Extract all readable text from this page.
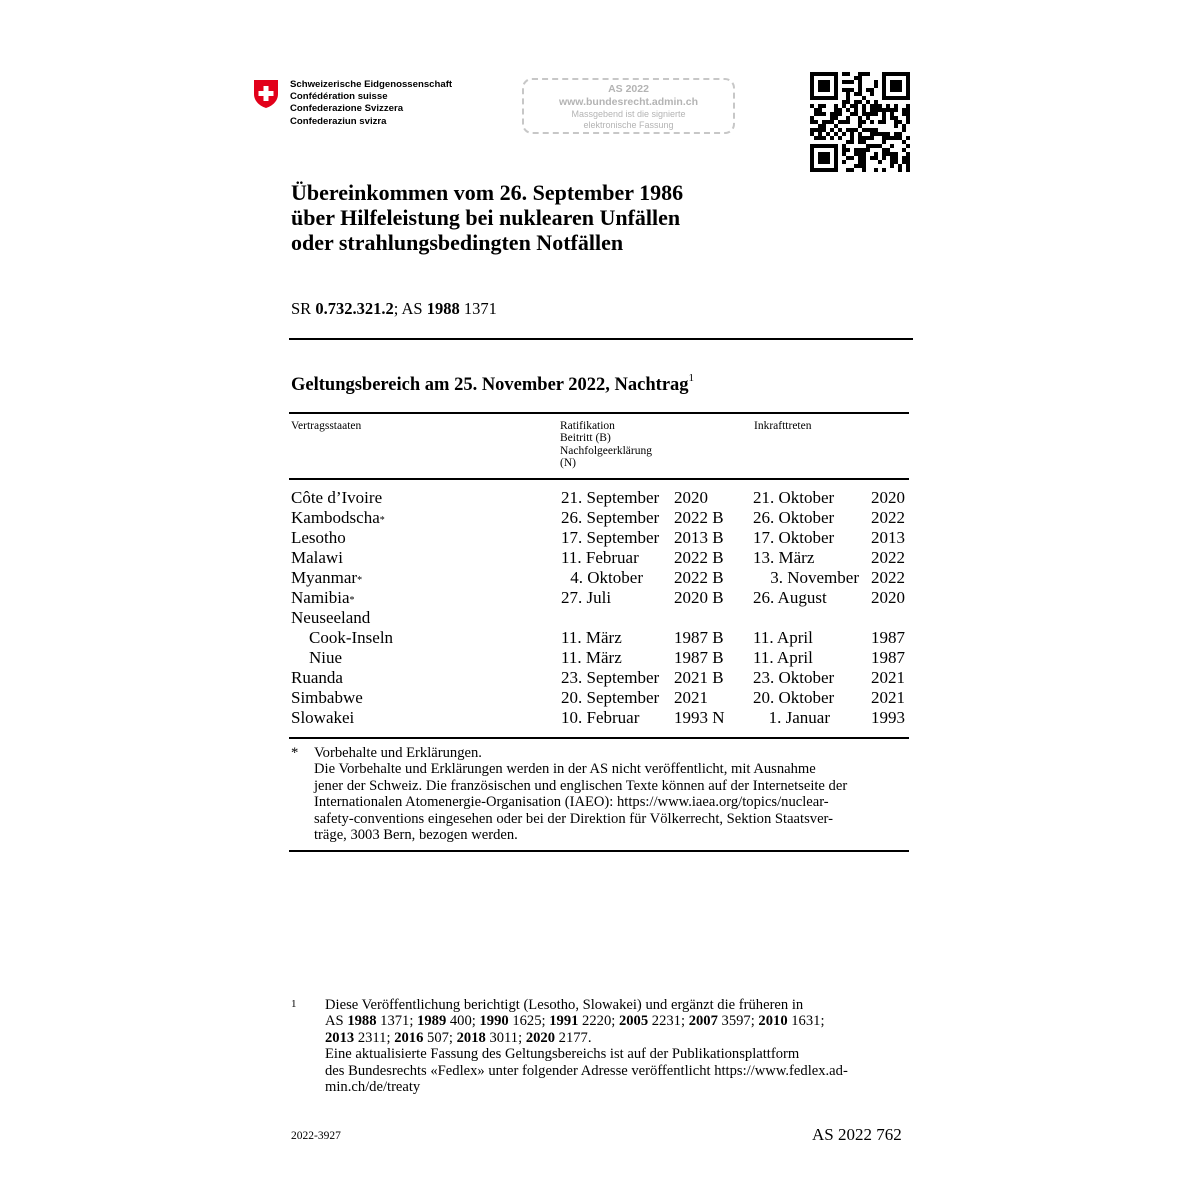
Schweizerische Eidgenossenschaft
Confédération suisse
Confederazione Svizzera
Confederaziun svizra
AS 2022
www.bundesrecht.admin.ch
Massgebend ist die signierte
elektronische Fassung
Übereinkommen vom 26. September 1986
über Hilfeleistung bei nuklearen Unfällen
oder strahlungsbedingten Notfällen
SR 0.732.321.2; AS 1988 1371
Geltungsbereich am 25. November 2022, Nachtrag$^1$
Vertragsstaaten	Ratifikation
Beitritt (B)
Nachfolgeerklärung
(N)
Inkrafttreten
Côte d’Ivoire	21. September 2020	21. Oktober	2020
Kambodscha*	26. September 2022 B 26. Oktober	2022
Lesotho	17. September 2013 B 17. Oktober	2013
Malawi	11. Februar	2022 B 13. März	2022
Myanmar*	4. Oktober 2022 B	3. November 2022
Namibia*	27. Juli	2020 B 26. August	2020
Neuseeland
Cook-Inseln	11. März	1987 B 11. April	1987
Niue	11. März	1987 B 11. April	1987
Ruanda	23. September 2021 B 23. Oktober	2021
Simbabwe	20. September 2021	20. Oktober	2021
Slowakei	10. Februar	1993 N	1. Januar	1993
* Vorbehalte und Erklärungen.
Die Vorbehalte und Erklärungen werden in der AS nicht veröffentlicht, mit Ausnahme
jener der Schweiz. Die französischen und englischen Texte können auf der Internetseite der
Internationalen Atomenergie-Organisation (IAEO): https://www.iaea.org/topics/nuclear-
safety-conventions eingesehen oder bei der Direktion für Völkerrecht, Sektion Staatsver-
träge, 3003 Bern, bezogen werden.
1 Diese Veröffentlichung berichtigt (Lesotho, Slowakei) und ergänzt die früheren in
AS 1988 1371; 1989 400; 1990 1625; 1991 2220; 2005 2231; 2007 3597; 2010 1631;
2013 2311; 2016 507; 2018 3011; 2020 2177.
Eine aktualisierte Fassung des Geltungsbereichs ist auf der Publikationsplattform
des Bundesrechts «Fedlex» unter folgender Adresse veröffentlicht https://www.fedlex.ad-
min.ch/de/treaty
2022-3927	AS 2022 762
